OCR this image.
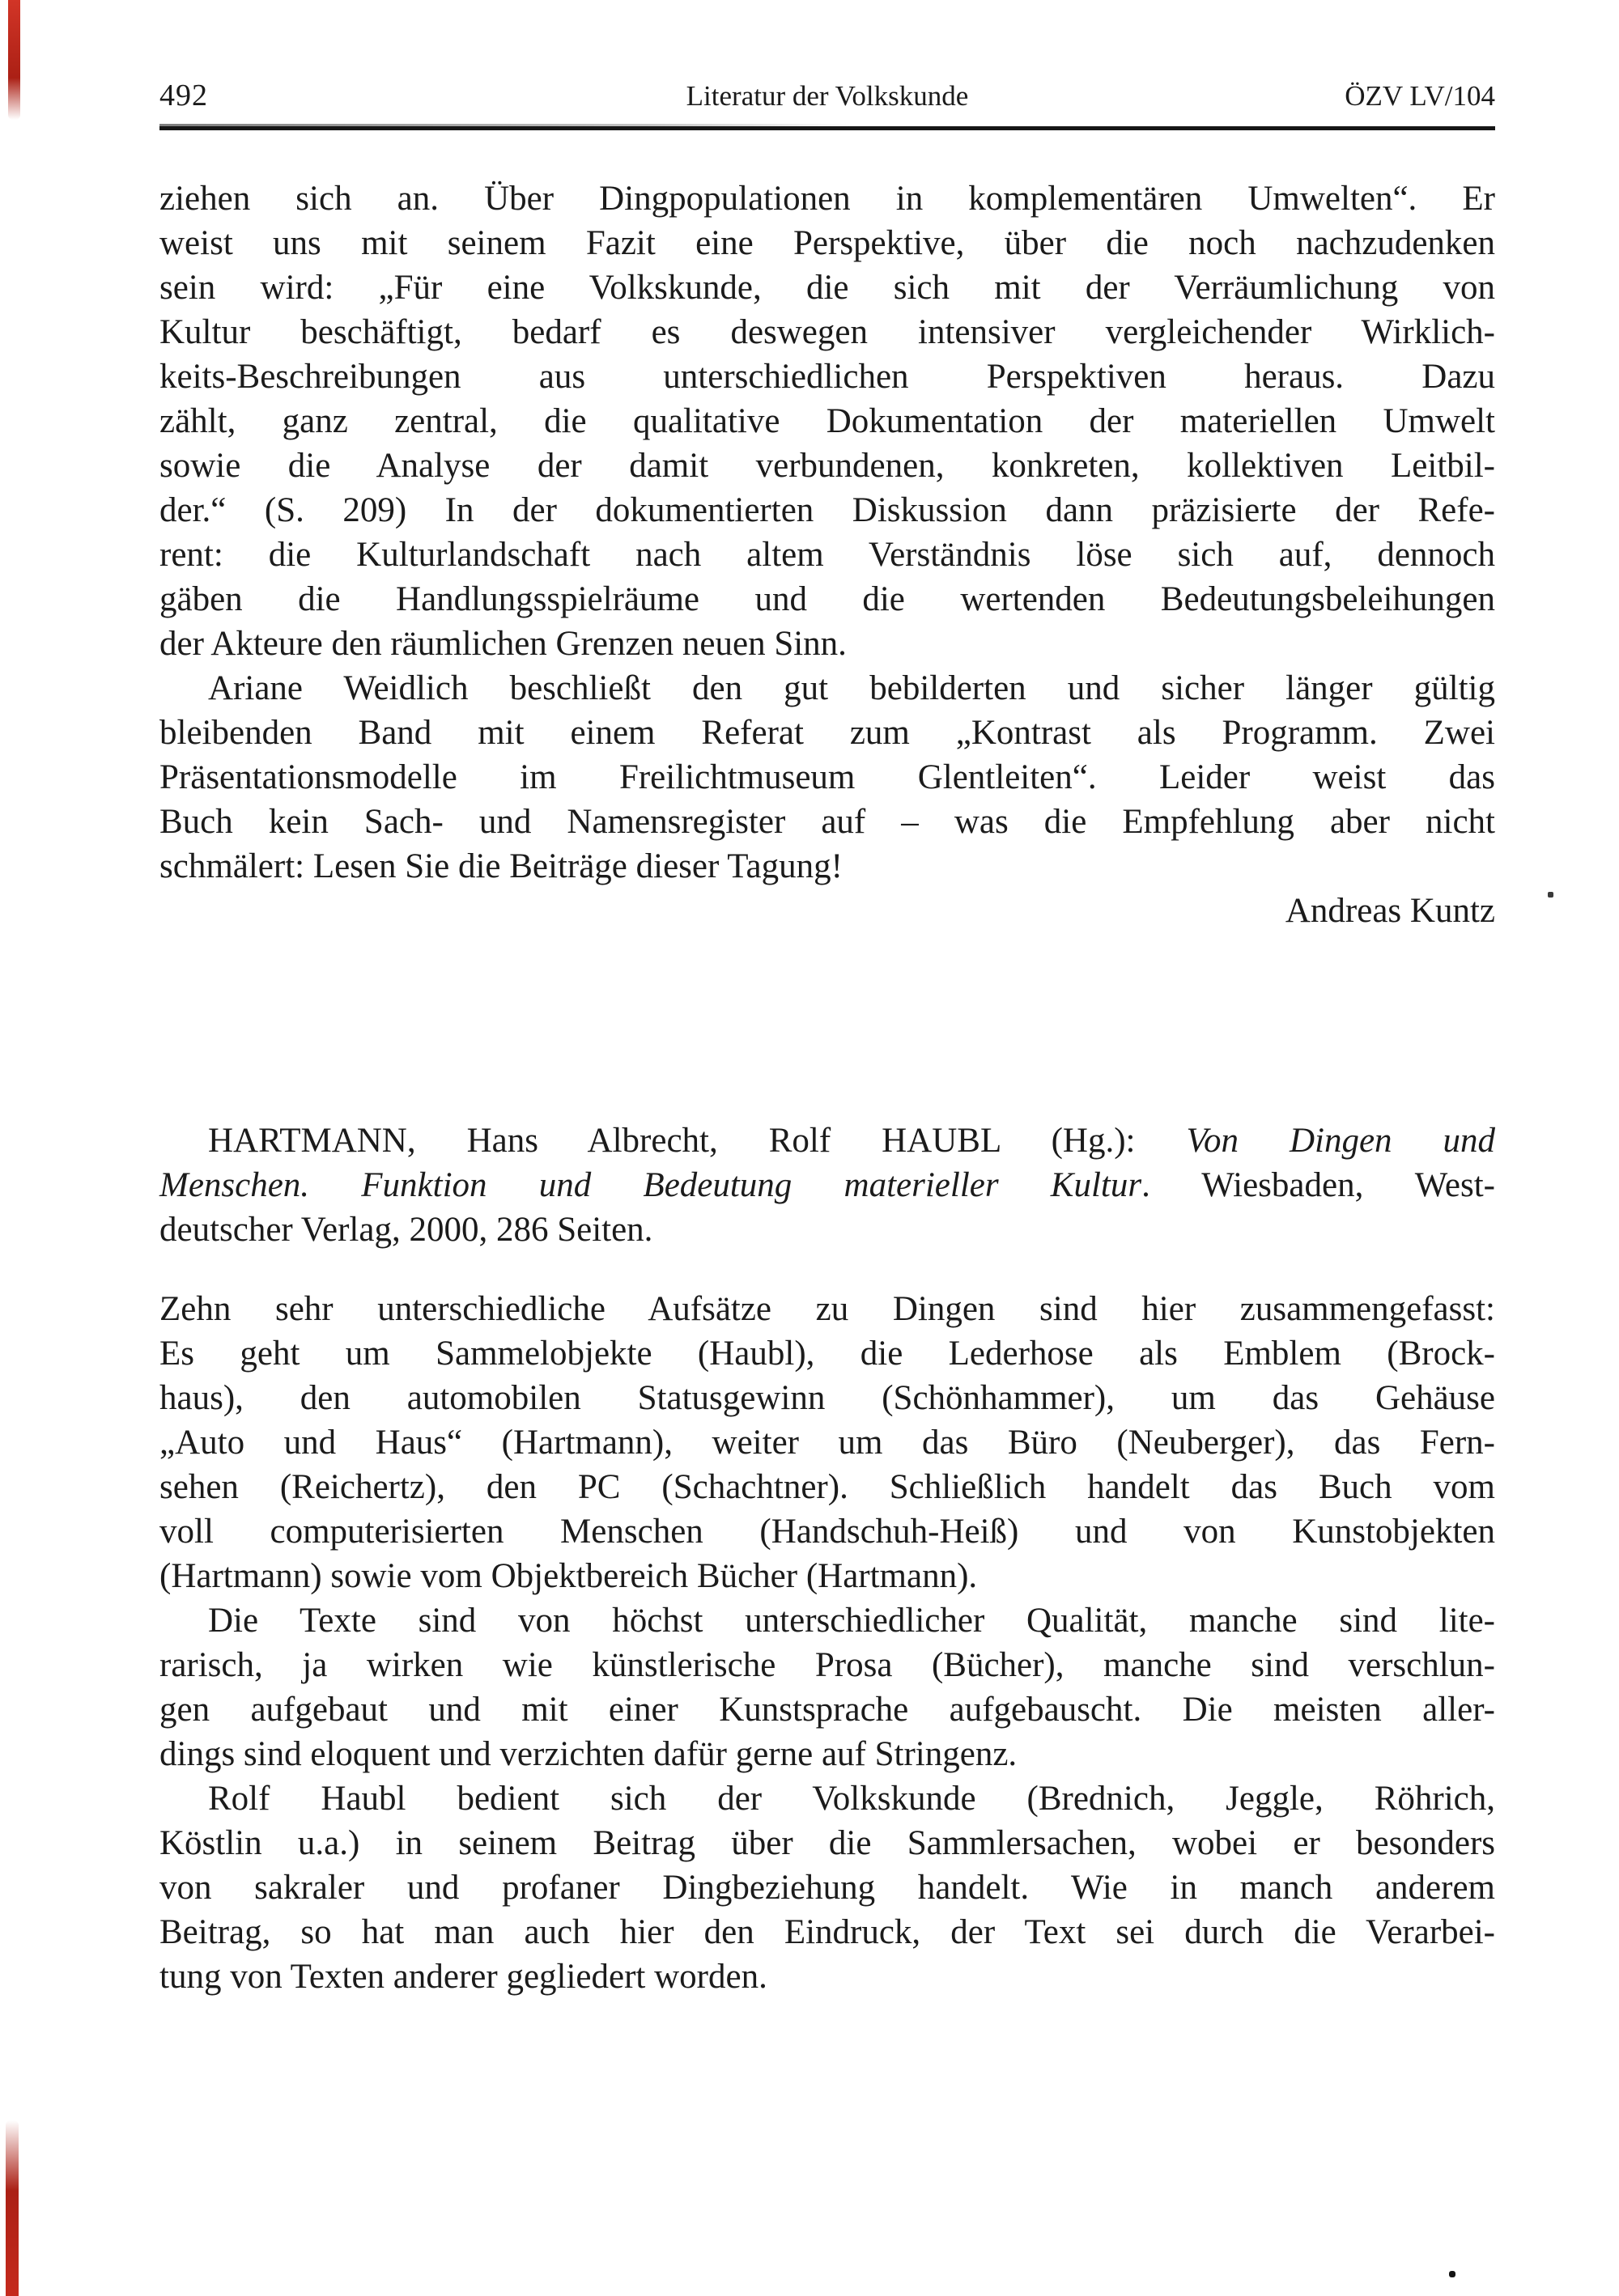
492	Literatur der Volkskunde	ÖZV LV/104
ziehen sich an. Über Dingpopulationen in komplementären Umwelten“. Er
weist uns mit seinem Fazit eine Perspektive, über die noch nachzudenken
sein wird: „Für eine Volkskunde, die sich mit der Verräumlichung von
Kultur beschäftigt, bedarf es deswegen intensiver vergleichender Wirklich-
keits-Beschreibungen aus unterschiedlichen Perspektiven heraus. Dazu
zählt, ganz zentral, die qualitative Dokumentation der materiellen Umwelt
sowie die Analyse der damit verbundenen, konkreten, kollektiven Leitbil-
der.“ (S. 209) In der dokumentierten Diskussion dann präzisierte der Refe-
rent: die Kulturlandschaft nach altem Verständnis löse sich auf, dennoch
gäben die Handlungsspielräume und die wertenden Bedeutungsbeleihungen
der Akteure den räumlichen Grenzen neuen Sinn.
Ariane Weidlich beschließt den gut bebilderten und sicher länger gültig
bleibenden Band mit einem Referat zum „Kontrast als Programm. Zwei
Präsentationsmodelle im Freilichtmuseum Glentleiten“. Leider weist das
Buch kein Sach- und Namensregister auf – was die Empfehlung aber nicht
schmälert: Lesen Sie die Beiträge dieser Tagung!
Andreas Kuntz
HARTMANN, Hans Albrecht, Rolf HAUBL (Hg.): Von Dingen und
Menschen. Funktion und Bedeutung materieller Kultur. Wiesbaden, West-
deutscher Verlag, 2000, 286 Seiten.
Zehn sehr unterschiedliche Aufsätze zu Dingen sind hier zusammengefasst:
Es geht um Sammelobjekte (Haubl), die Lederhose als Emblem (Brock-
haus), den automobilen Statusgewinn (Schönhammer), um das Gehäuse
„Auto und Haus“ (Hartmann), weiter um das Büro (Neuberger), das Fern-
sehen (Reichertz), den PC (Schachtner). Schließlich handelt das Buch vom
voll computerisierten Menschen (Handschuh-Heiß) und von Kunstobjekten
(Hartmann) sowie vom Objektbereich Bücher (Hartmann).
Die Texte sind von höchst unterschiedlicher Qualität, manche sind lite-
rarisch, ja wirken wie künstlerische Prosa (Bücher), manche sind verschlun-
gen aufgebaut und mit einer Kunstsprache aufgebauscht. Die meisten aller-
dings sind eloquent und verzichten dafür gerne auf Stringenz.
Rolf Haubl bedient sich der Volkskunde (Brednich, Jeggle, Röhrich,
Köstlin u.a.) in seinem Beitrag über die Sammlersachen, wobei er besonders
von sakraler und profaner Dingbeziehung handelt. Wie in manch anderem
Beitrag, so hat man auch hier den Eindruck, der Text sei durch die Verarbei-
tung von Texten anderer gegliedert worden.
